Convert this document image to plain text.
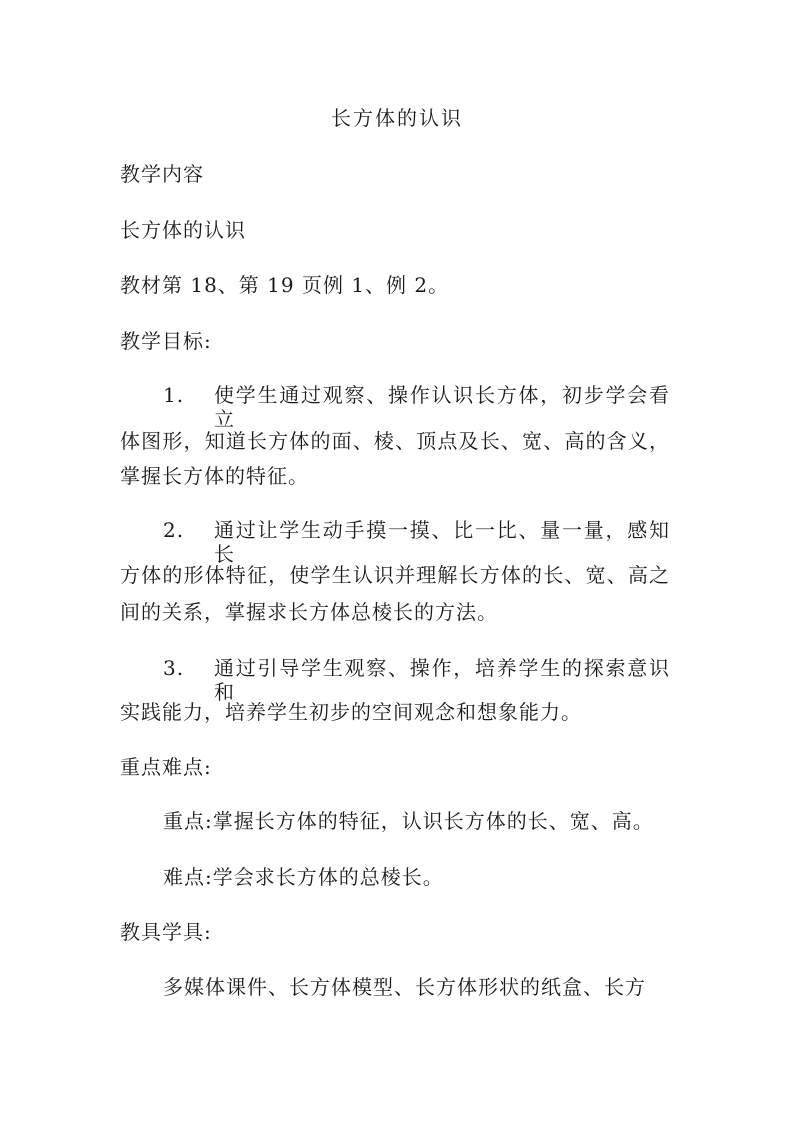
长方体的认识
教学内容
长方体的认识
教材第 18、第 19 页例 1、例 2。
教学目标:
1. 使学生通过观察、操作认识长方体，初步学会看立
体图形，知道长方体的面、棱、顶点及长、宽、高的含义，
掌握长方体的特征。
2. 通过让学生动手摸一摸、比一比、量一量，感知长
方体的形体特征，使学生认识并理解长方体的长、宽、高之
间的关系，掌握求长方体总棱长的方法。
3. 通过引导学生观察、操作，培养学生的探索意识和
实践能力，培养学生初步的空间观念和想象能力。
重点难点:
重点:掌握长方体的特征，认识长方体的长、宽、高。
难点:学会求长方体的总棱长。
教具学具:
多媒体课件、长方体模型、长方体形状的纸盒、长方
